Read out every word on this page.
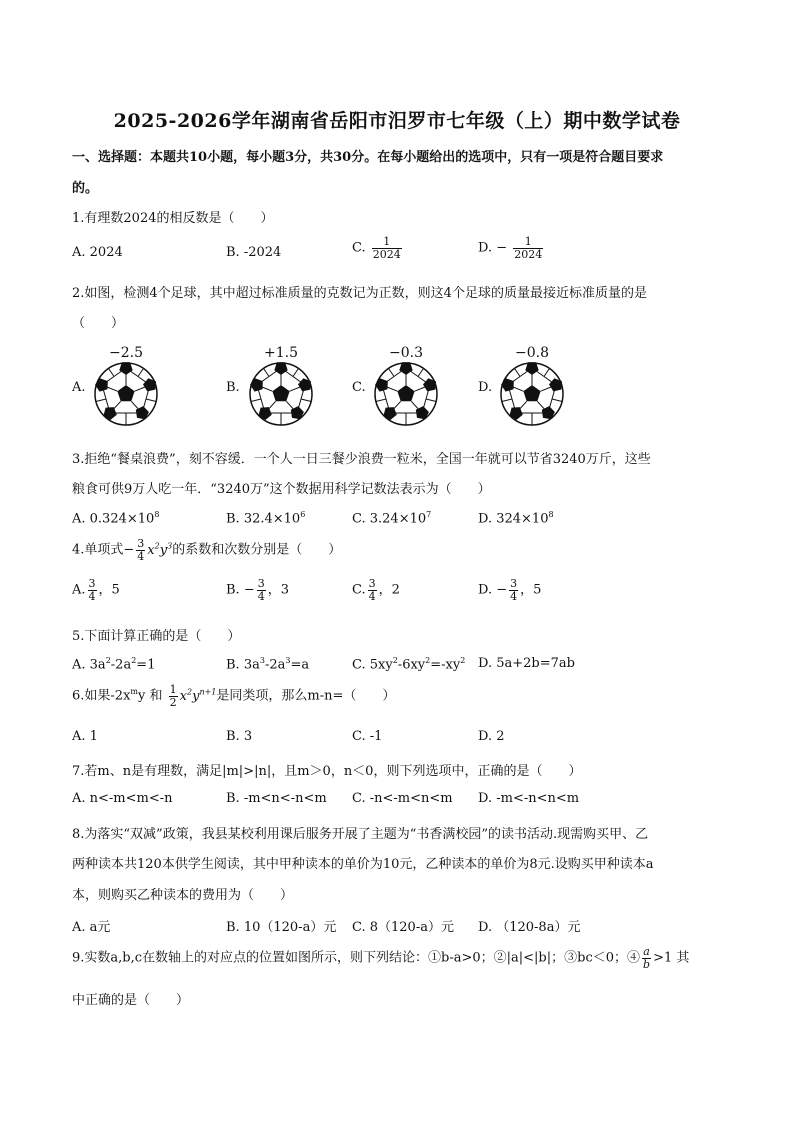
2025-2026学年湖南省岳阳市汨罗市七年级（上）期中数学试卷
一、选择题：本题共10小题，每小题3分，共30分。在每小题给出的选项中，只有一项是符合题目要求
的。
1.有理数2024的相反数是（　　）
A. 2024	B. -2024	C. $\frac{1}{2024}$	D. − $\frac{1}{2024}$
2.如图，检测4个足球，其中超过标准质量的克数记为正数，则这4个足球的质量最接近标准质量的是
（　　）
A.	B.	C.	D.
−2.5	+1.5	−0.3	−0.8
3.拒绝“餐桌浪费”，刻不容缓．一个人一日三餐少浪费一粒米，全国一年就可以节省3240万斤，这些
粮食可供9万人吃一年．“3240万”这个数据用科学记数法表示为（　　）
A. $0.324\times 10^8$	B. $32.4\times 10^6$	C. $3.24\times 10^7$	D. $324\times 10^8$
4.单项式− $\frac{3}{4} x^2y^3$的系数和次数分别是（　　）
A. $\frac{3}{4}$ ，5	B. − $\frac{3}{4}$ ，3	C. $\frac{3}{4}$ ，2	D. − $\frac{3}{4}$ ，5
5.下面计算正确的是（　　）
A. $3a^2-2a^2=1$	B. $3a^3-2a^3=a$	C. $5xy^2-6xy^2=-xy^2$ D. 5a+2b=7ab
6.如果$-2x^my$ 和 $\frac{1}{2} x^2y^{n+1}$是同类项，那么m-n=（　　）
A. 1	B. 3	C. -1	D. 2
7.若m、n是有理数，满足|m|>|n|，且m＞0，n＜0，则下列选项中，正确的是（　　）
A. n<-m<m<-n	B. -m<n<-n<m C. -n<-m<n<m D. -m<-n<n<m
8.为落实“双减”政策，我县某校利用课后服务开展了主题为“书香满校园”的读书活动.现需购买甲、乙
两种读本共120本供学生阅读，其中甲种读本的单价为10元，乙种读本的单价为8元.设购买甲种读本a
本，则购买乙种读本的费用为（　　）
A. a元	B. 10（120-a）元 C. 8（120-a）元 D. （120-8a）元
9.实数a,b,c在数轴上的对应点的位置如图所示，则下列结论：①b-a>0；②|a|<|b|；③bc＜0；④ $\frac{a}{b} >1$ 其
中正确的是（　　）
